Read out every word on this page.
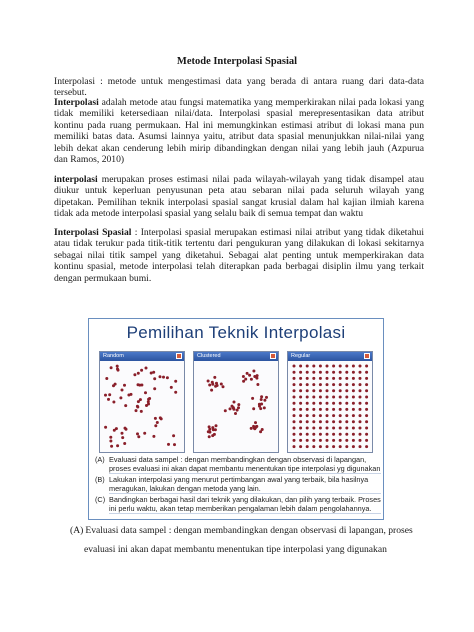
Metode Interpolasi Spasial

Interpolasi : metode untuk mengestimasi data yang berada di antara ruang dari data-data tersebut.

Interpolasi adalah metode atau fungsi matematika yang memperkirakan nilai pada lokasi yang tidak memiliki ketersediaan nilai/data. Interpolasi spasial merepresentasikan data atribut kontinu pada ruang permukaan. Hal ini memungkinkan estimasi atribut di lokasi mana pun memiliki batas data. Asumsi lainnya yaitu, atribut data spasial menunjukkan nilai-nilai yang lebih dekat akan cenderung lebih mirip dibandingkan dengan nilai yang lebih jauh (Azpurua dan Ramos, 2010)

interpolasi merupakan proses estimasi nilai pada wilayah-wilayah yang tidak disampel atau diukur untuk keperluan penyusunan peta atau sebaran nilai pada seluruh wilayah yang dipetakan. Pemilihan teknik interpolasi spasial sangat krusial dalam hal kajian ilmiah karena tidak ada metode interpolasi spasial yang selalu baik di semua tempat dan waktu

Interpolasi Spasial : Interpolasi spasial merupakan estimasi nilai atribut yang tidak diketahui atau tidak terukur pada titik-titik tertentu dari pengukuran yang dilakukan di lokasi sekitarnya sebagai nilai titik sampel yang diketahui. Sebagai alat penting untuk memperkirakan data kontinu spasial, metode interpolasi telah diterapkan pada berbagai disiplin ilmu yang terkait dengan permukaan bumi.

Pemilihan Teknik Interpolasi
Random	Clustered	Regular
(A) Evaluasi data sampel : dengan membandingkan dengan observasi di lapangan, proses evaluasi ini akan dapat membantu menentukan tipe interpolasi yg digunakan
(B) Lakukan interpolasi yang menurut pertimbangan awal yang terbaik, bila hasilnya meragukan, lakukan dengan metoda yang lain.
(C) Bandingkan berbagai hasil dari teknik yang dilakukan, dan pilih yang terbaik. Proses ini perlu waktu, akan tetap memberikan pengalaman lebih dalam pengolahannya.
(A) Evaluasi data sampel : dengan membandingkan dengan observasi di lapangan, proses
evaluasi ini akan dapat membantu menentukan tipe interpolasi yang digunakan
